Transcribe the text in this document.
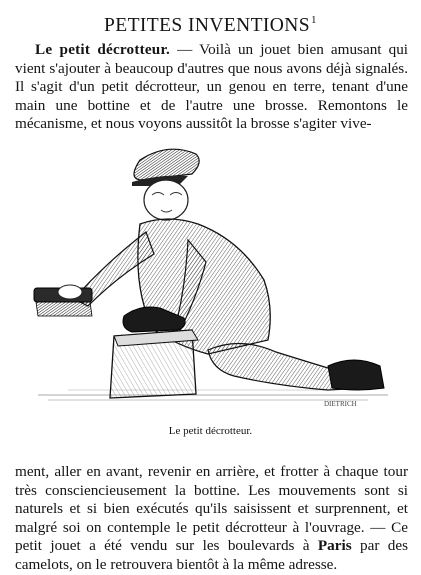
PETITES INVENTIONS$^1$
Le petit décrotteur. — Voilà un jouet bien amusant qui vient s'ajouter à beaucoup d'autres que nous avons déjà signalés. Il s'agit d'un petit décrotteur, un genou en terre, tenant d'une main une bottine et de l'autre une brosse. Remontons le mécanisme, et nous voyons aussitôt la brosse s'agiter vive-
DIETRICH
Le petit décrotteur.
ment, aller en avant, revenir en arrière, et frotter à chaque tour très consciencieusement la bottine. Les mouvements sont si naturels et si bien exécutés qu'ils saisissent et surprennent, et malgré soi on contemple le petit décrotteur à l'ouvrage. — Ce petit jouet a été vendu sur les boulevards à Paris par des camelots, on le retrouvera bientôt à la même adresse.
